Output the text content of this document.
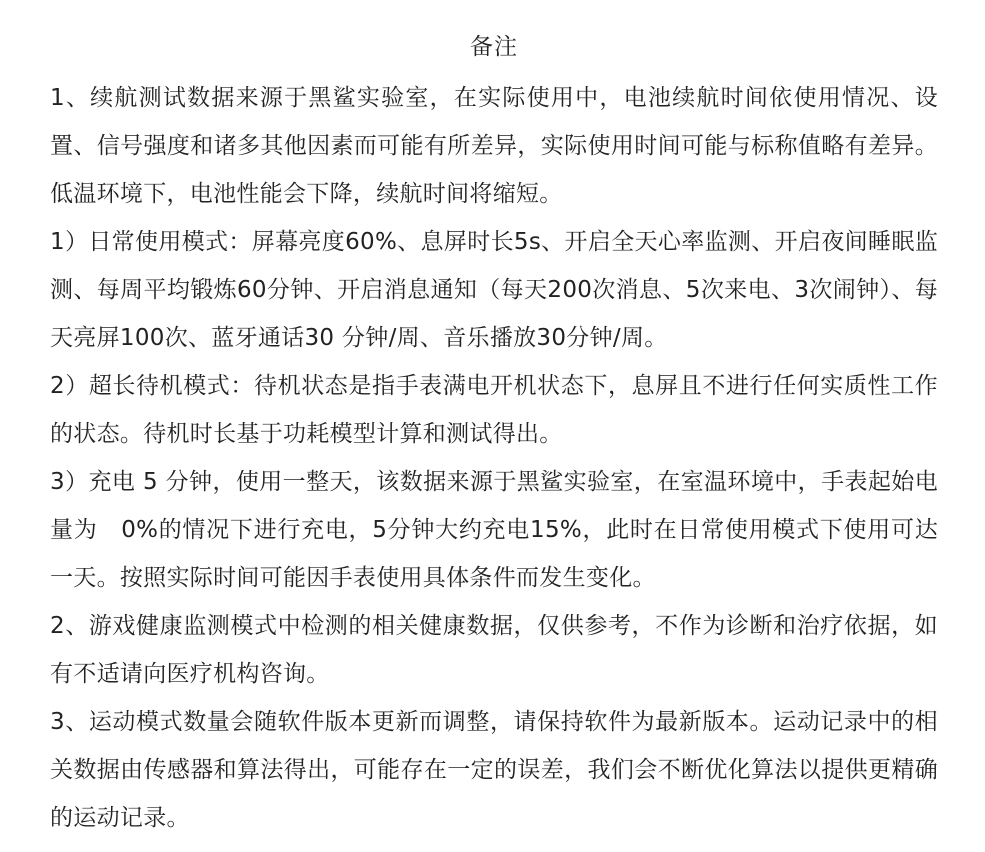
备注

1、续航测试数据来源于黑鲨实验室，在实际使用中，电池续航时间依使用情况、设置、信号强度和诸多其他因素而可能有所差异，实际使用时间可能与标称值略有差异。低温环境下，电池性能会下降，续航时间将缩短。

1）日常使用模式：屏幕亮度60%、息屏时长5s、开启全天心率监测、开启夜间睡眠监测、每周平均锻炼60分钟、开启消息通知（每天200次消息、5次来电、3次闹钟）、每天亮屏100次、蓝牙通话30 分钟/周、音乐播放30分钟/周。

2）超长待机模式：待机状态是指手表满电开机状态下，息屏且不进行任何实质性工作的状态。待机时长基于功耗模型计算和测试得出。

3）充电 5 分钟，使用一整天，该数据来源于黑鲨实验室，在室温环境中，手表起始电量为　0%的情况下进行充电，5分钟大约充电15%，此时在日常使用模式下使用可达一天。按照实际时间可能因手表使用具体条件而发生变化。

2、游戏健康监测模式中检测的相关健康数据，仅供参考，不作为诊断和治疗依据，如有不适请向医疗机构咨询。

3、运动模式数量会随软件版本更新而调整，请保持软件为最新版本。运动记录中的相关数据由传感器和算法得出，可能存在一定的误差，我们会不断优化算法以提供更精确的运动记录。
